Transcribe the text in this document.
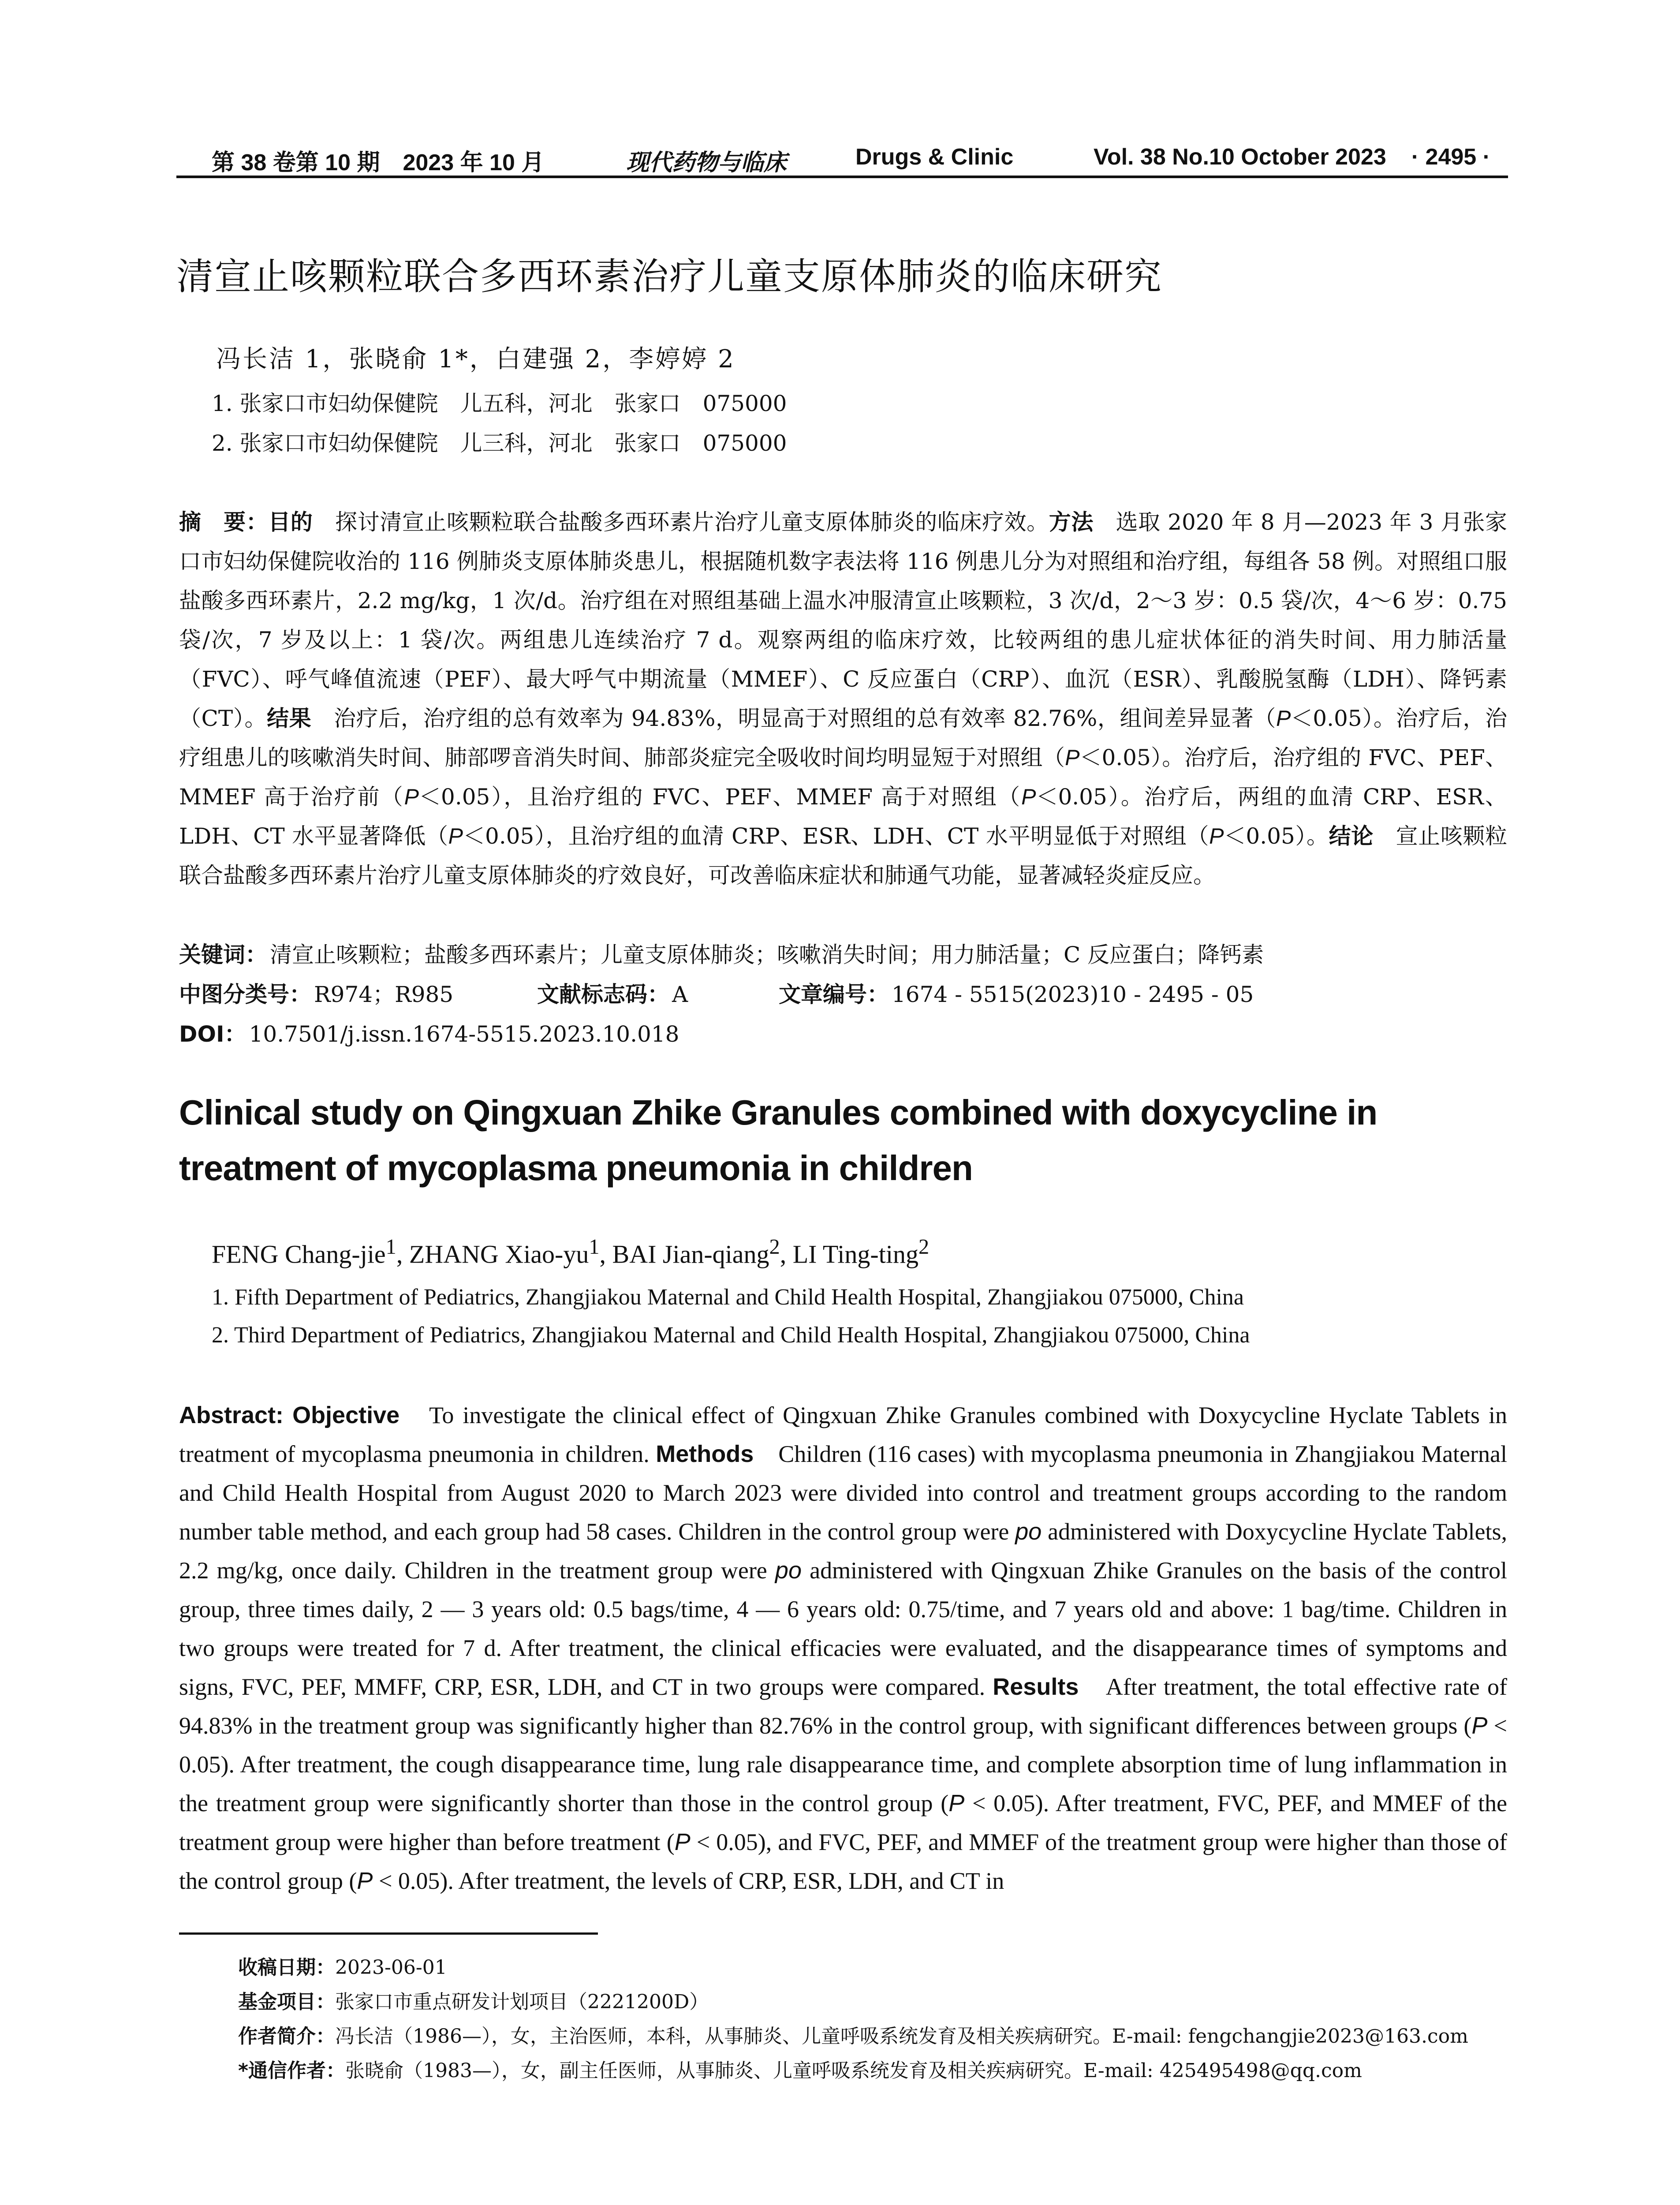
第 38 卷第 10 期　2023 年 10 月	现代药物与临床	Drugs & Clinic	Vol. 38 No.10 October 2023 · 2495 ·
清宣止咳颗粒联合多西环素治疗儿童支原体肺炎的临床研究
冯长洁 1，张晓俞 1*，白建强 2，李婷婷 2
1. 张家口市妇幼保健院　儿五科，河北　张家口　075000
2. 张家口市妇幼保健院　儿三科，河北　张家口　075000
摘　要：目的　探讨清宣止咳颗粒联合盐酸多西环素片治疗儿童支原体肺炎的临床疗效。方法　选取 2020 年 8 月—2023 年 3 月张家口市妇幼保健院收治的 116 例肺炎支原体肺炎患儿，根据随机数字表法将 116 例患儿分为对照组和治疗组，每组各 58 例。对照组口服盐酸多西环素片，2.2 mg/kg，1 次/d。治疗组在对照组基础上温水冲服清宣止咳颗粒，3 次/d，2～3 岁：0.5 袋/次，4～6 岁：0.75 袋/次，7 岁及以上：1 袋/次。两组患儿连续治疗 7 d。观察两组的临床疗效，比较两组的患儿症状体征的消失时间、用力肺活量（FVC）、呼气峰值流速（PEF）、最大呼气中期流量（MMEF）、C 反应蛋白（CRP）、血沉（ESR）、乳酸脱氢酶（LDH）、降钙素（CT）。结果　治疗后，治疗组的总有效率为 94.83%，明显高于对照组的总有效率 82.76%，组间差异显著（P＜0.05）。治疗后，治疗组患儿的咳嗽消失时间、肺部啰音消失时间、肺部炎症完全吸收时间均明显短于对照组（P＜0.05）。治疗后，治疗组的 FVC、PEF、MMEF 高于治疗前（P＜0.05），且治疗组的 FVC、PEF、MMEF 高于对照组（P＜0.05）。治疗后，两组的血清 CRP、ESR、LDH、CT 水平显著降低（P＜0.05），且治疗组的血清 CRP、ESR、LDH、CT 水平明显低于对照组（P＜0.05）。结论　宣止咳颗粒联合盐酸多西环素片治疗儿童支原体肺炎的疗效良好，可改善临床症状和肺通气功能，显著减轻炎症反应。
关键词： 清宣止咳颗粒；盐酸多西环素片；儿童支原体肺炎；咳嗽消失时间；用力肺活量；C 反应蛋白；降钙素
中图分类号： R974；R985	文献标志码： A	文章编号： 1674 - 5515(2023)10 - 2495 - 05
DOI： 10.7501/j.issn.1674-5515.2023.10.018
Clinical study on Qingxuan Zhike Granules combined with doxycycline in treatment of mycoplasma pneumonia in children
FENG Chang-jie$^1$, ZHANG Xiao-$yu^1$, BAI Jian-qiang$^2$, LI Ting-ting$^2$
1. Fifth Department of Pediatrics, Zhangjiakou Maternal and Child Health Hospital, Zhangjiakou 075000, China
2. Third Department of Pediatrics, Zhangjiakou Maternal and Child Health Hospital, Zhangjiakou 075000, China
Abstract: Objective　To investigate the clinical effect of Qingxuan Zhike Granules combined with Doxycycline Hyclate Tablets in treatment of mycoplasma pneumonia in children. Methods　Children (116 cases) with mycoplasma pneumonia in Zhangjiakou Maternal and Child Health Hospital from August 2020 to March 2023 were divided into control and treatment groups according to the random number table method, and each group had 58 cases. Children in the control group were po administered with Doxycycline Hyclate Tablets, 2.2 mg/kg, once daily. Children in the treatment group were po administered with Qingxuan Zhike Granules on the basis of the control group, three times daily, 2 — 3 years old: 0.5 bags/time, 4 — 6 years old: 0.75/time, and 7 years old and above: 1 bag/time. Children in two groups were treated for 7 d. After treatment, the clinical efficacies were evaluated, and the disappearance times of symptoms and signs, FVC, PEF, MMFF, CRP, ESR, LDH, and CT in two groups were compared. Results　After treatment, the total effective rate of 94.83% in the treatment group was significantly higher than 82.76% in the control group, with significant differences between groups (P < 0.05). After treatment, the cough disappearance time, lung rale disappearance time, and complete absorption time of lung inflammation in the treatment group were significantly shorter than those in the control group (P < 0.05). After treatment, FVC, PEF, and MMEF of the treatment group were higher than before treatment (P < 0.05), and FVC, PEF, and MMEF of the treatment group were higher than those of the control group (P < 0.05). After treatment, the levels of CRP, ESR, LDH, and CT in
收稿日期：2023-06-01
基金项目：张家口市重点研发计划项目（2221200D）
作者简介：冯长洁（1986—），女，主治医师，本科，从事肺炎、儿童呼吸系统发育及相关疾病研究。E-mail: fengchangjie2023@163.com
*通信作者：张晓俞（1983—），女，副主任医师，从事肺炎、儿童呼吸系统发育及相关疾病研究。E-mail: 425495498@qq.com
